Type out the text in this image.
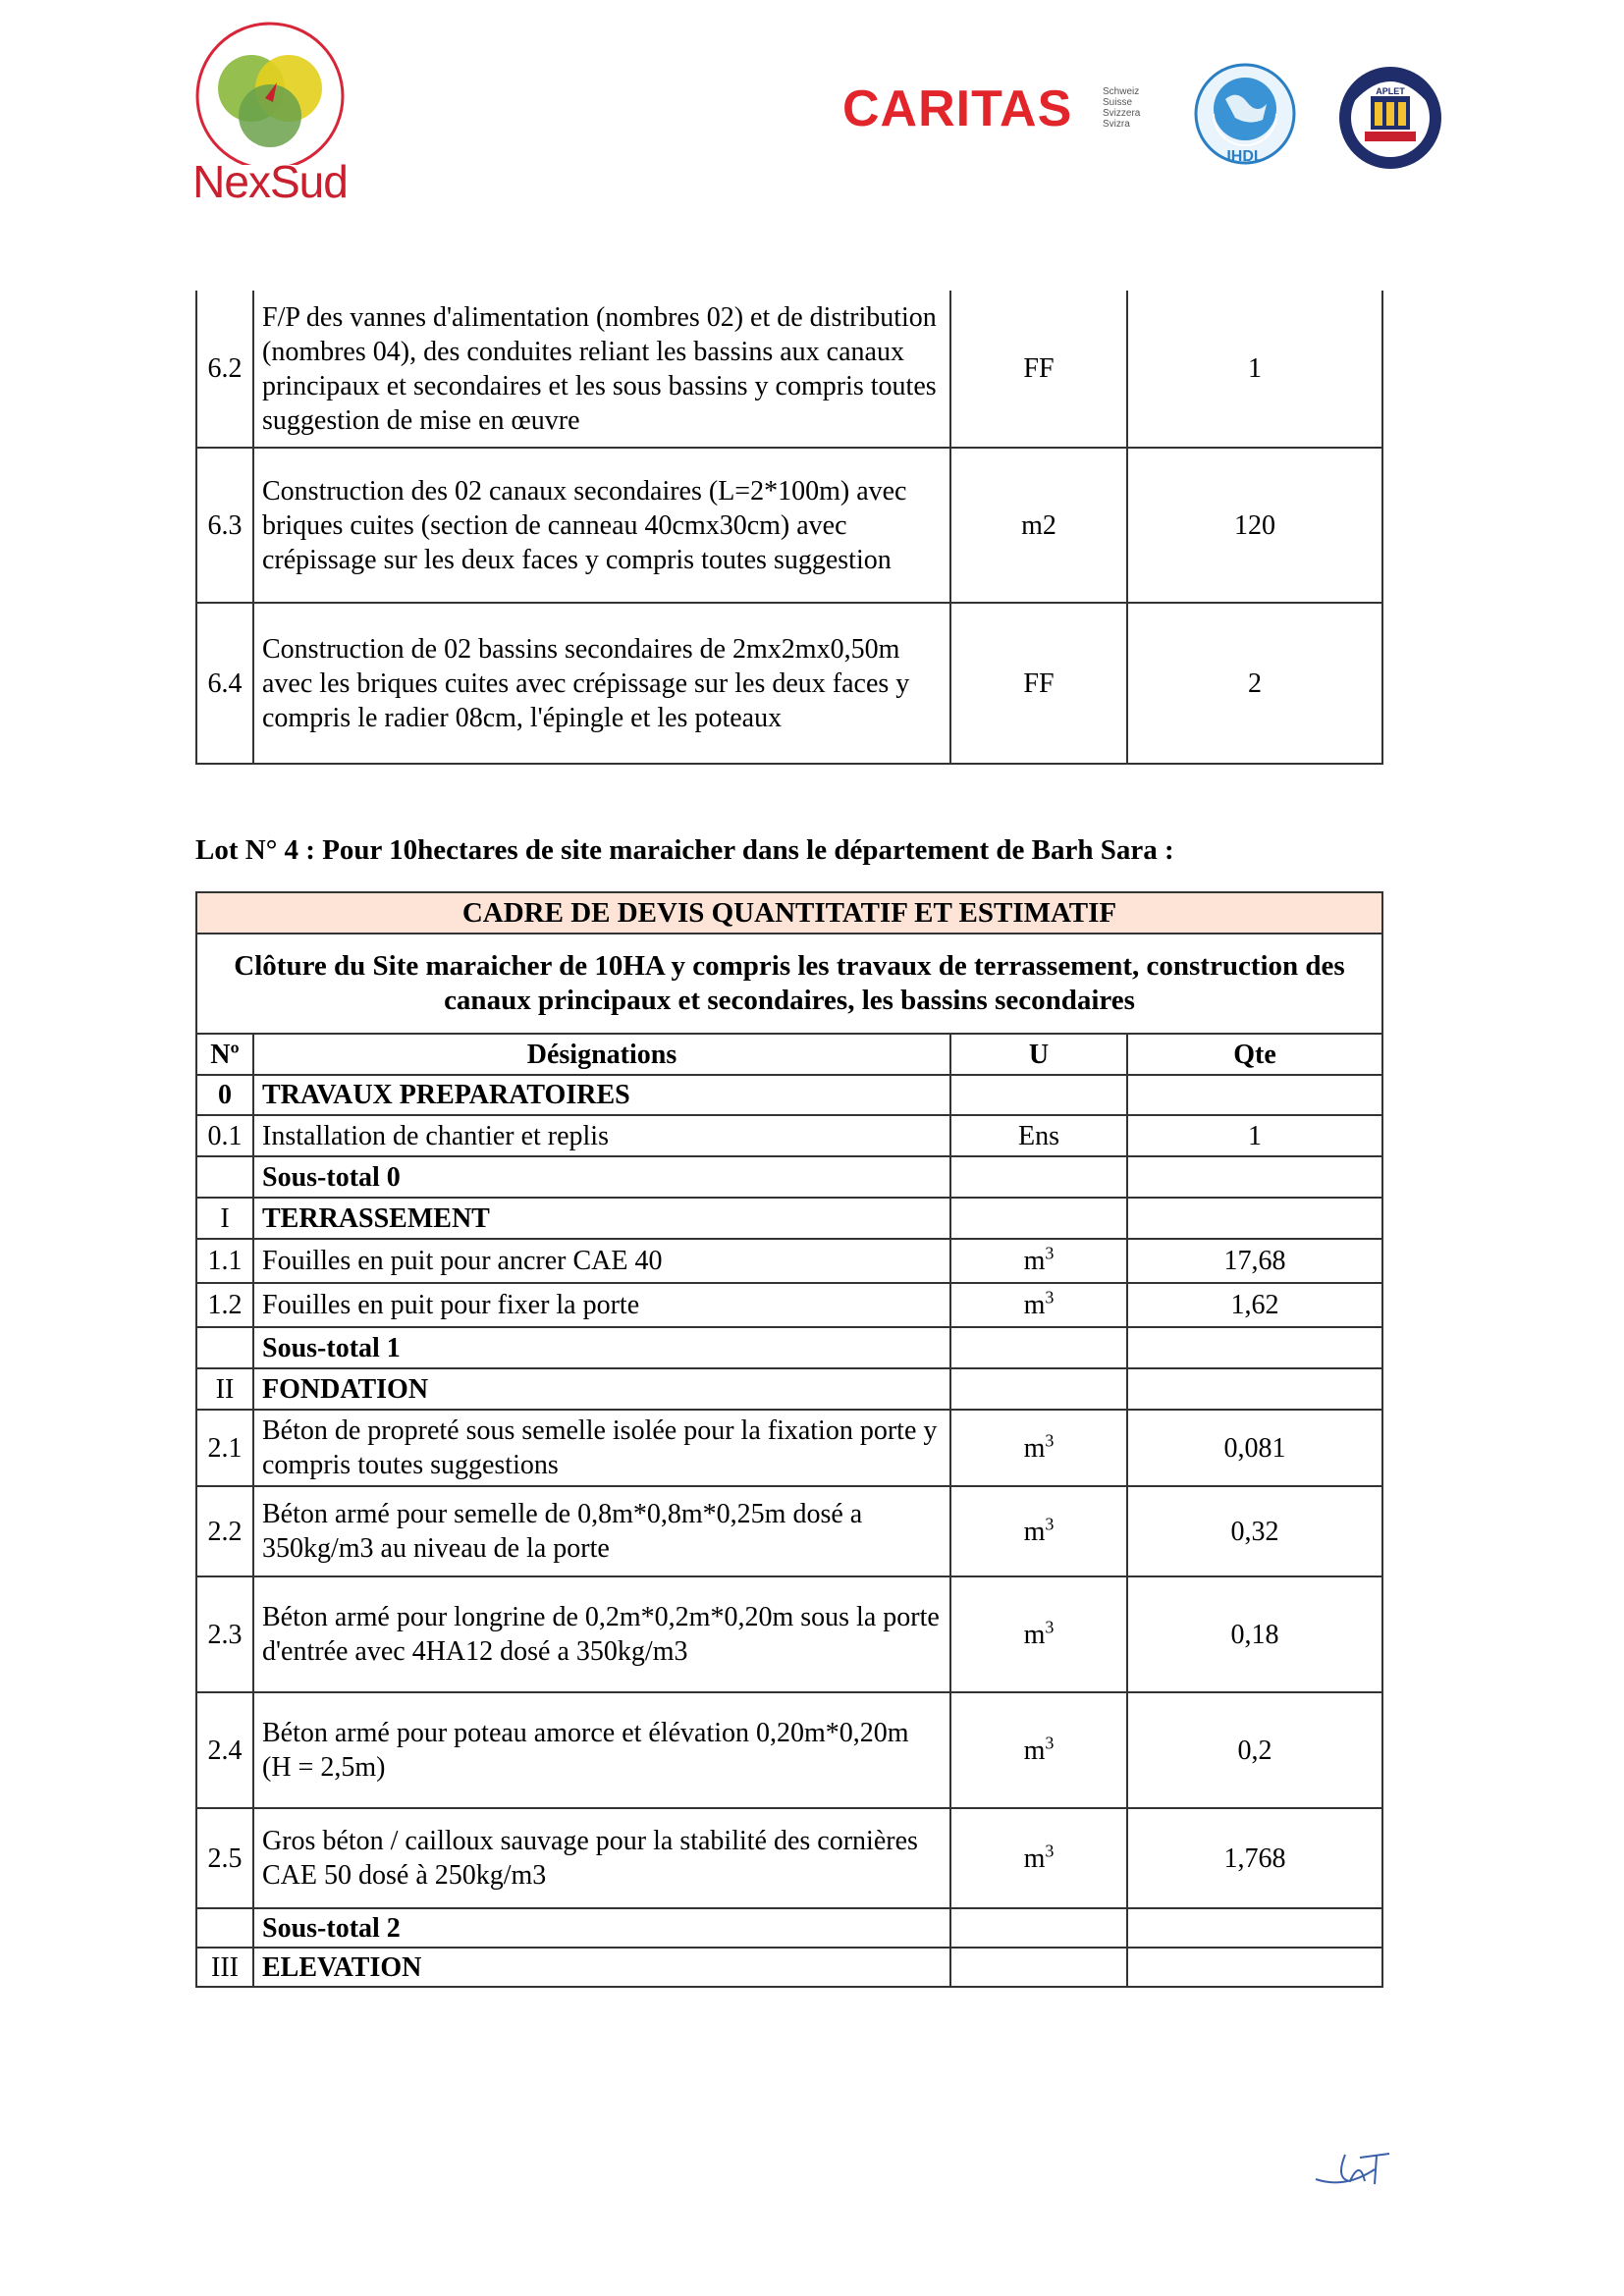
NexSud
CARITAS	Schweiz
Suisse
Svizzera
Svizra
IHDL
APLET
6.2	F/P des vannes d'alimentation (nombres 02) et de distribution (nombres 04), des conduites reliant les bassins aux canaux principaux et secondaires et les sous bassins y compris toutes suggestion de mise en œuvre	FF	1
6.3	Construction des 02 canaux secondaires (L=2*100m) avec briques cuites (section de canneau 40cmx30cm) avec crépissage sur les deux faces y compris toutes suggestion	m2	120
6.4	Construction de 02 bassins secondaires de 2mx2mx0,50m avec les briques cuites avec crépissage sur les deux faces y compris le radier 08cm, l'épingle et les poteaux	FF	2
Lot N° 4 : Pour 10hectares de site maraicher dans le département de Barh Sara :
CADRE DE DEVIS QUANTITATIF ET ESTIMATIF			
Clôture du Site maraicher de 10HA y compris les travaux de terrassement, construction des canaux principaux et secondaires, les bassins secondaires			
Nº	Désignations	U	Qte
0	TRAVAUX PREPARATOIRES		
0.1	Installation de chantier et replis	Ens	1
	Sous-total 0		
I	TERRASSEMENT		
1.1	Fouilles en puit pour ancrer CAE 40	$m^3$	17,68
1.2	Fouilles en puit pour fixer la porte	$m^3$	1,62
	Sous-total 1		
II	FONDATION		
2.1	Béton de propreté sous semelle isolée pour la fixation porte y compris toutes suggestions	$m^3$	0,081
2.2	Béton armé pour semelle de 0,8m*0,8m*0,25m dosé a 350kg/m3 au niveau de la porte	$m^3$	0,32
2.3	Béton armé pour longrine de 0,2m*0,2m*0,20m sous la porte d'entrée avec 4HA12 dosé a 350kg/m3	$m^3$	0,18
2.4	Béton armé pour poteau amorce et élévation 0,20m*0,20m (H = 2,5m)	$m^3$	0,2
2.5	Gros béton / cailloux sauvage pour la stabilité des cornières CAE 50 dosé à 250kg/m3	$m^3$	1,768
	Sous-total 2		
III	ELEVATION		
